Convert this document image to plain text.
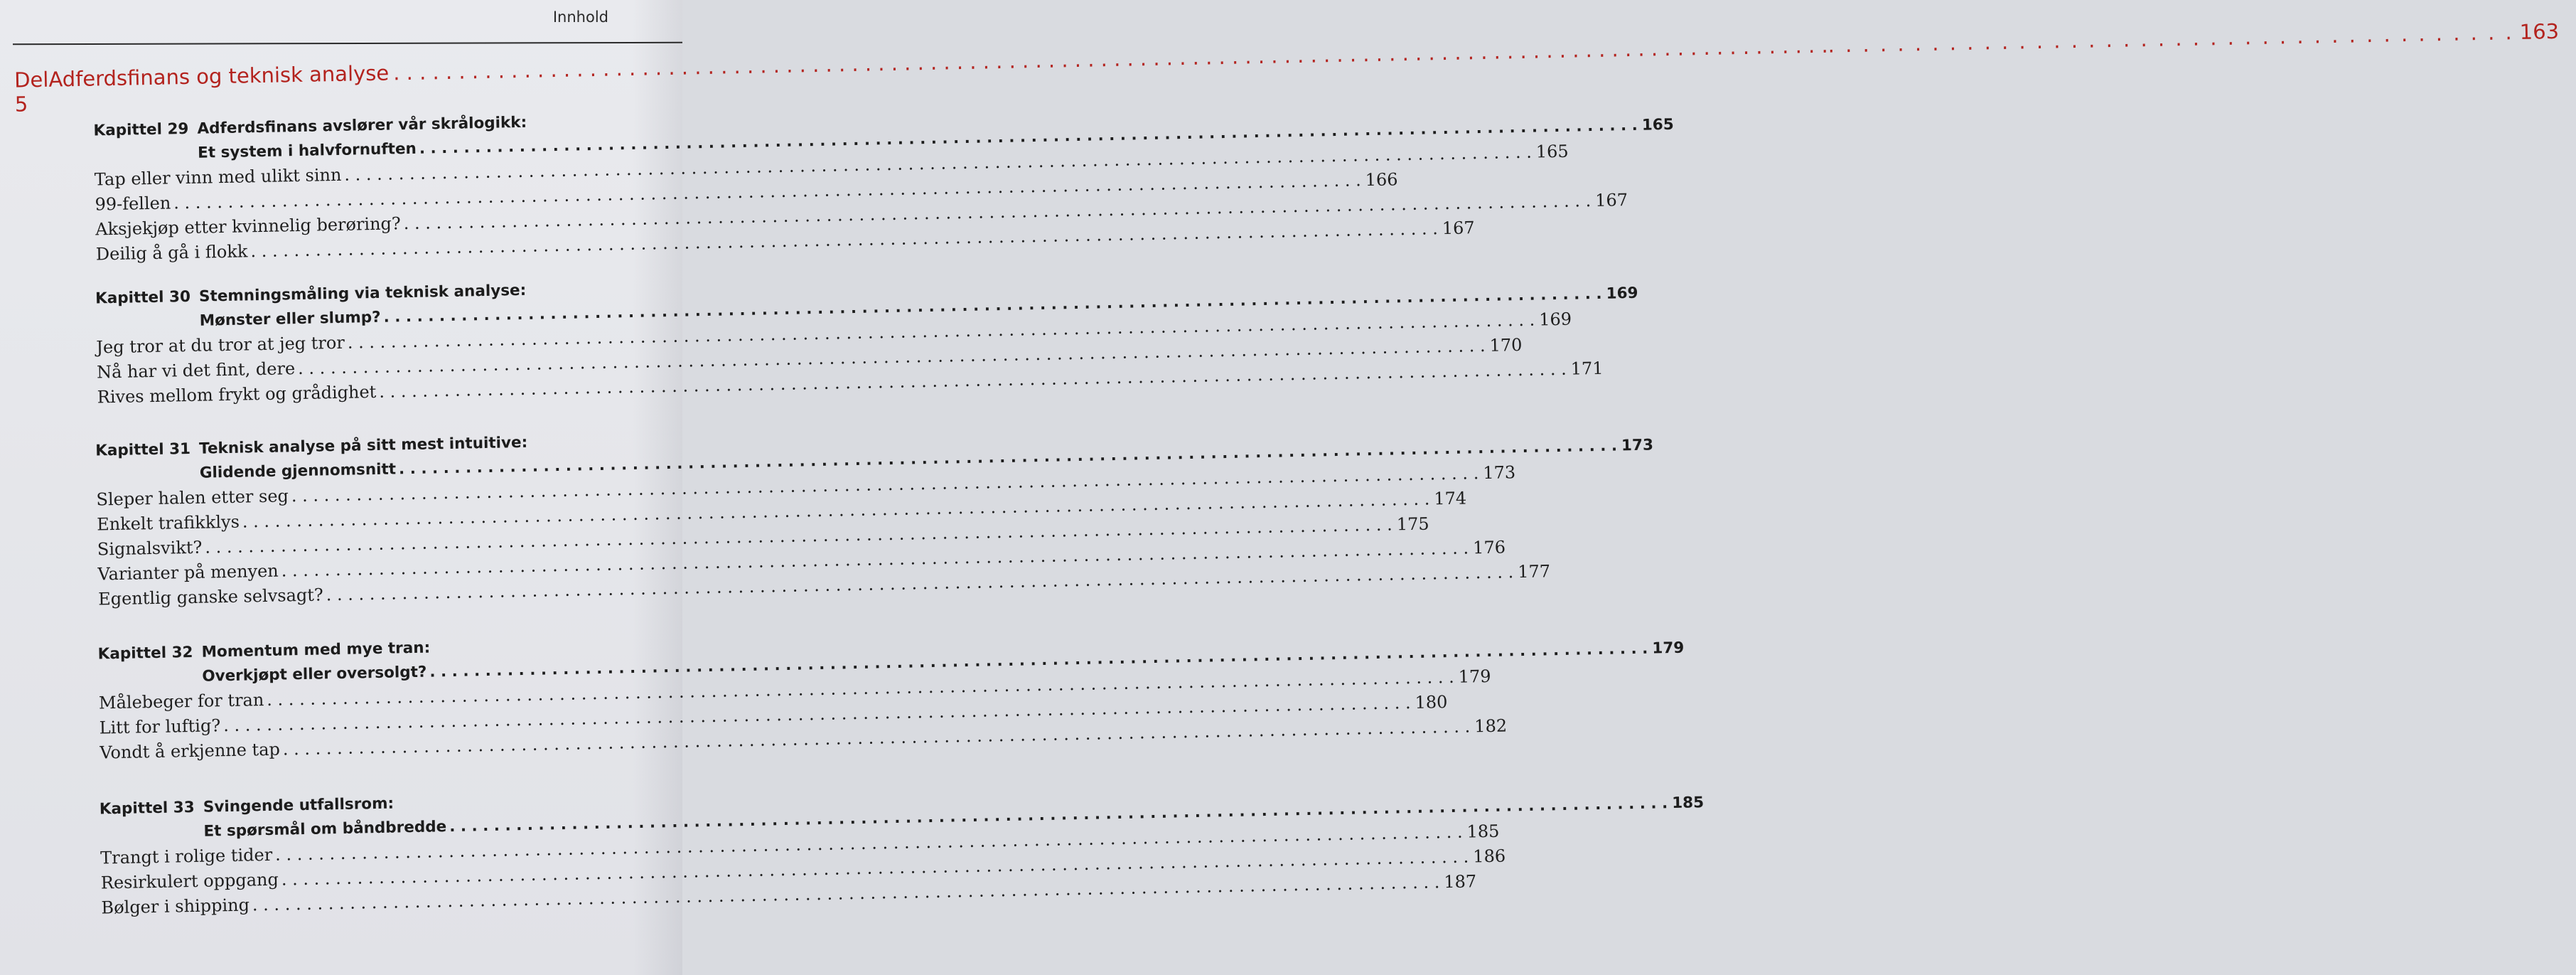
Innhold
Del 5
Adferdsfinans og teknisk analyse
. . . . . . . . . . . . . . . . . . . . . . . . . . . . . . . . . . . . . . . . . . . 163
Kapittel 29 Adferdsfinans avslører vår skrålogikk:
Et system i halvfornuften
. . .
165
Tap eller vinn med ulikt sinn
. . .
165
99-fellen
. . .
166
Aksjekjøp etter kvinnelig berøring?
. . .
167
Deilig å gå i flokk
. . .
167
Kapittel 30 Stemningsmåling via teknisk analyse:
Mønster eller slump?
. . .
169
Jeg tror at du tror at jeg tror
. . .
169
Nå har vi det fint, dere
. . .
170
Rives mellom frykt og grådighet
. . .
171
Kapittel 31 Teknisk analyse på sitt mest intuitive:
Glidende gjennomsnitt
. . .
173
Sleper halen etter seg
. . .
173
Enkelt trafikklys
. . .
174
Signalsvikt?
. . .
175
Varianter på menyen
. . .
176
Egentlig ganske selvsagt?
. . .
177
Kapittel 32 Momentum med mye tran:
Overkjøpt eller oversolgt?
. . .
179
Målebeger for tran
. . .
179
Litt for luftig?
. . .
180
Vondt å erkjenne tap
. . .
182
Kapittel 33 Svingende utfallsrom:
Et spørsmål om båndbredde
. . .
185
Trangt i rolige tider
. . .
185
Resirkulert oppgang
. . .
186
Bølger i shipping
. . .
187
